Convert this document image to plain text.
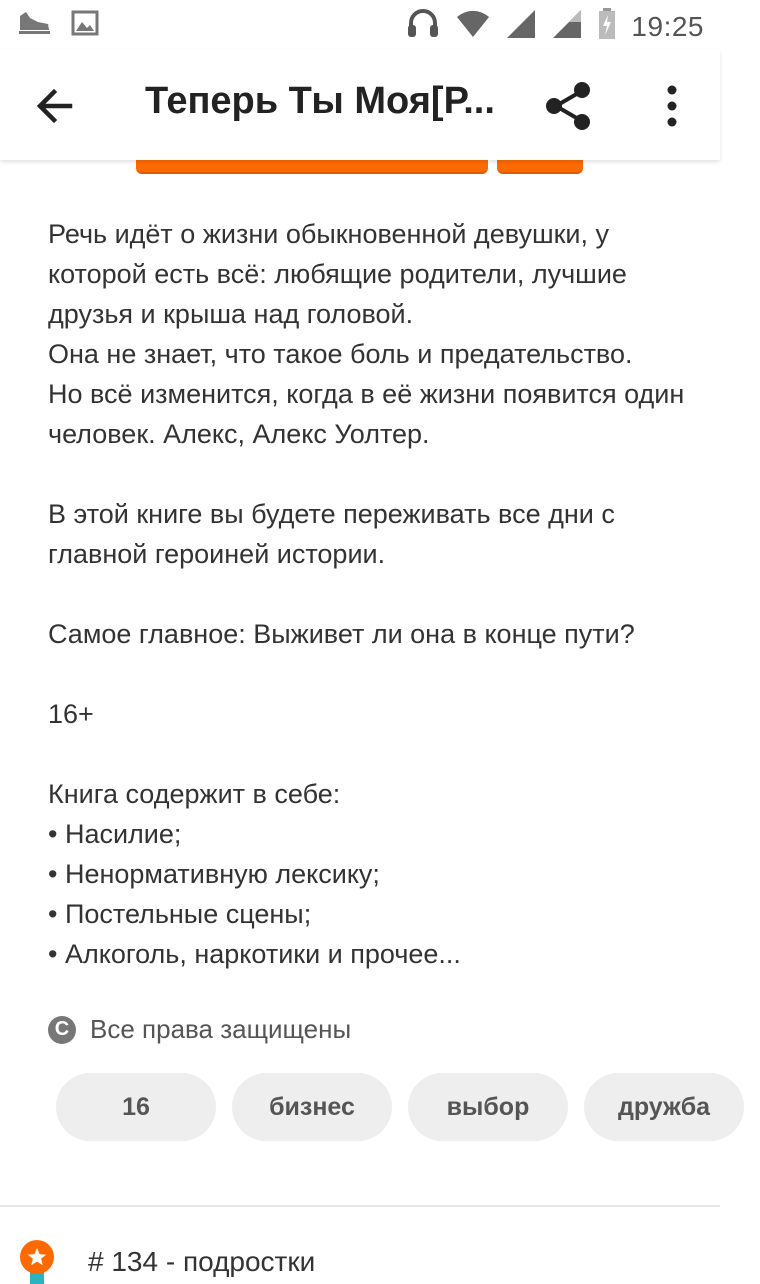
19:25
Теперь Ты Моя[Р...

Речь идёт о жизни обыкновенной девушки, у которой есть всё: любящие родители, лучшие друзья и крыша над головой.

Она не знает, что такое боль и предательство.

Но всё изменится, когда в её жизни появится один человек. Алекс, Алекс Уолтер.

В этой книге вы будете переживать все дни с главной героиней истории.

Самое главное: Выживет ли она в конце пути?

16+

Книга содержит в себе:

• Насилие;

• Ненормативную лексику;

• Постельные сцены;

• Алкоголь, наркотики и прочее...

C Все права защищены
16	бизнес	выбор	дружба
# 134 - подростки
